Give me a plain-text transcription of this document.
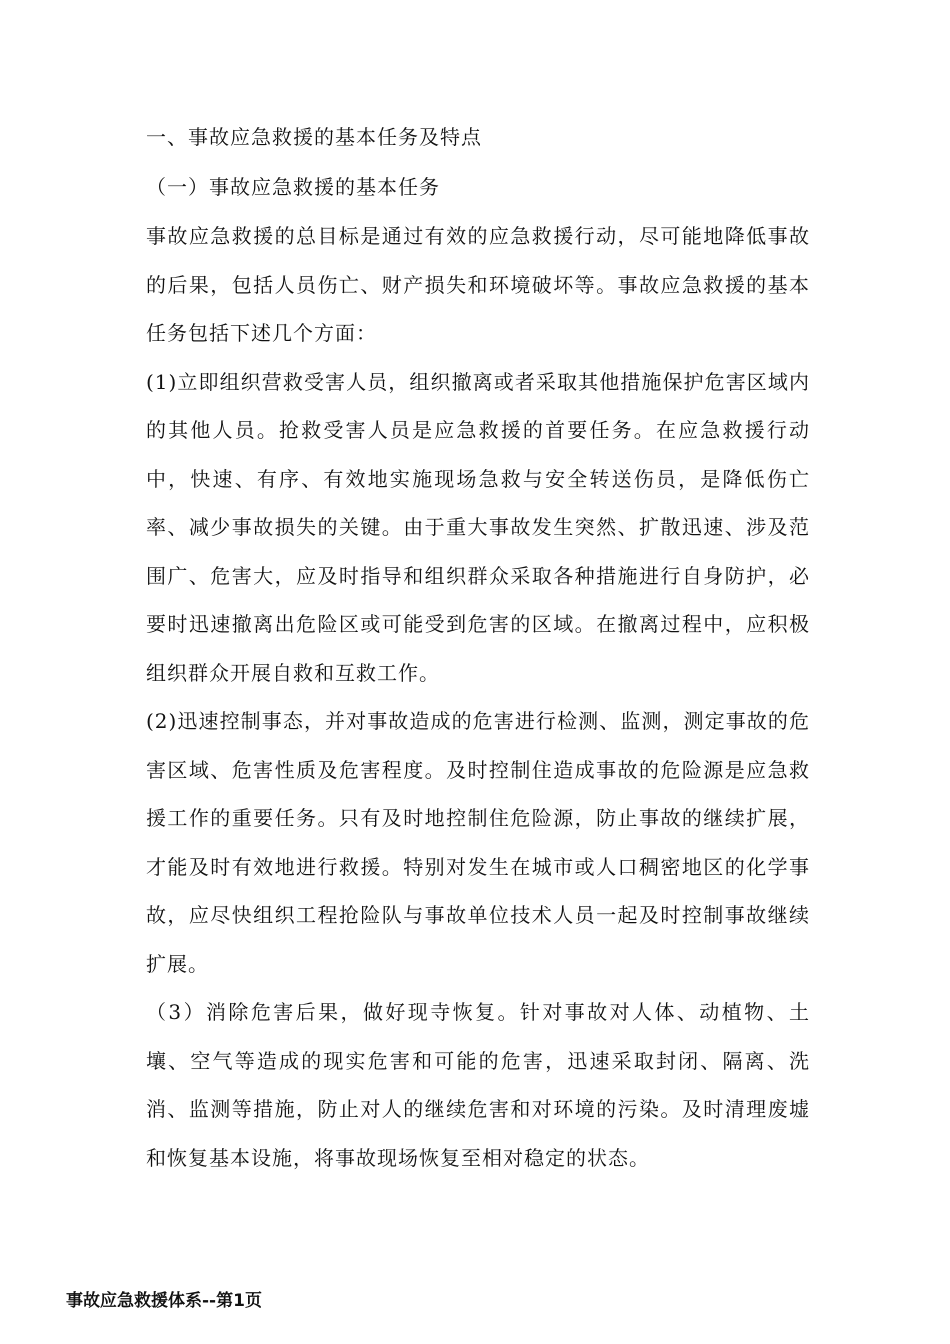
一、事故应急救援的基本任务及特点

（一）事故应急救援的基本任务

事故应急救援的总目标是通过有效的应急救援行动，尽可能地降低事故的后果，包括人员伤亡、财产损失和环境破坏等。事故应急救援的基本任务包括下述几个方面：

(1)立即组织营救受害人员，组织撤离或者采取其他措施保护危害区域内的其他人员。抢救受害人员是应急救援的首要任务。在应急救援行动中，快速、有序、有效地实施现场急救与安全转送伤员，是降低伤亡率、减少事故损失的关键。由于重大事故发生突然、扩散迅速、涉及范围广、危害大，应及时指导和组织群众采取各种措施进行自身防护，必要时迅速撤离出危险区或可能受到危害的区域。在撤离过程中，应积极组织群众开展自救和互救工作。

(2)迅速控制事态，并对事故造成的危害进行检测、监测，测定事故的危害区域、危害性质及危害程度。及时控制住造成事故的危险源是应急救援工作的重要任务。只有及时地控制住危险源，防止事故的继续扩展，才能及时有效地进行救援。特别对发生在城市或人口稠密地区的化学事故，应尽快组织工程抢险队与事故单位技术人员一起及时控制事故继续扩展。

（3）消除危害后果，做好现寺恢复。针对事故对人体、动植物、土壤、空气等造成的现实危害和可能的危害，迅速采取封闭、隔离、洗消、监测等措施，防止对人的继续危害和对环境的污染。及时清理废墟和恢复基本设施，将事故现场恢复至相对稳定的状态。

事故应急救援体系--第1页
